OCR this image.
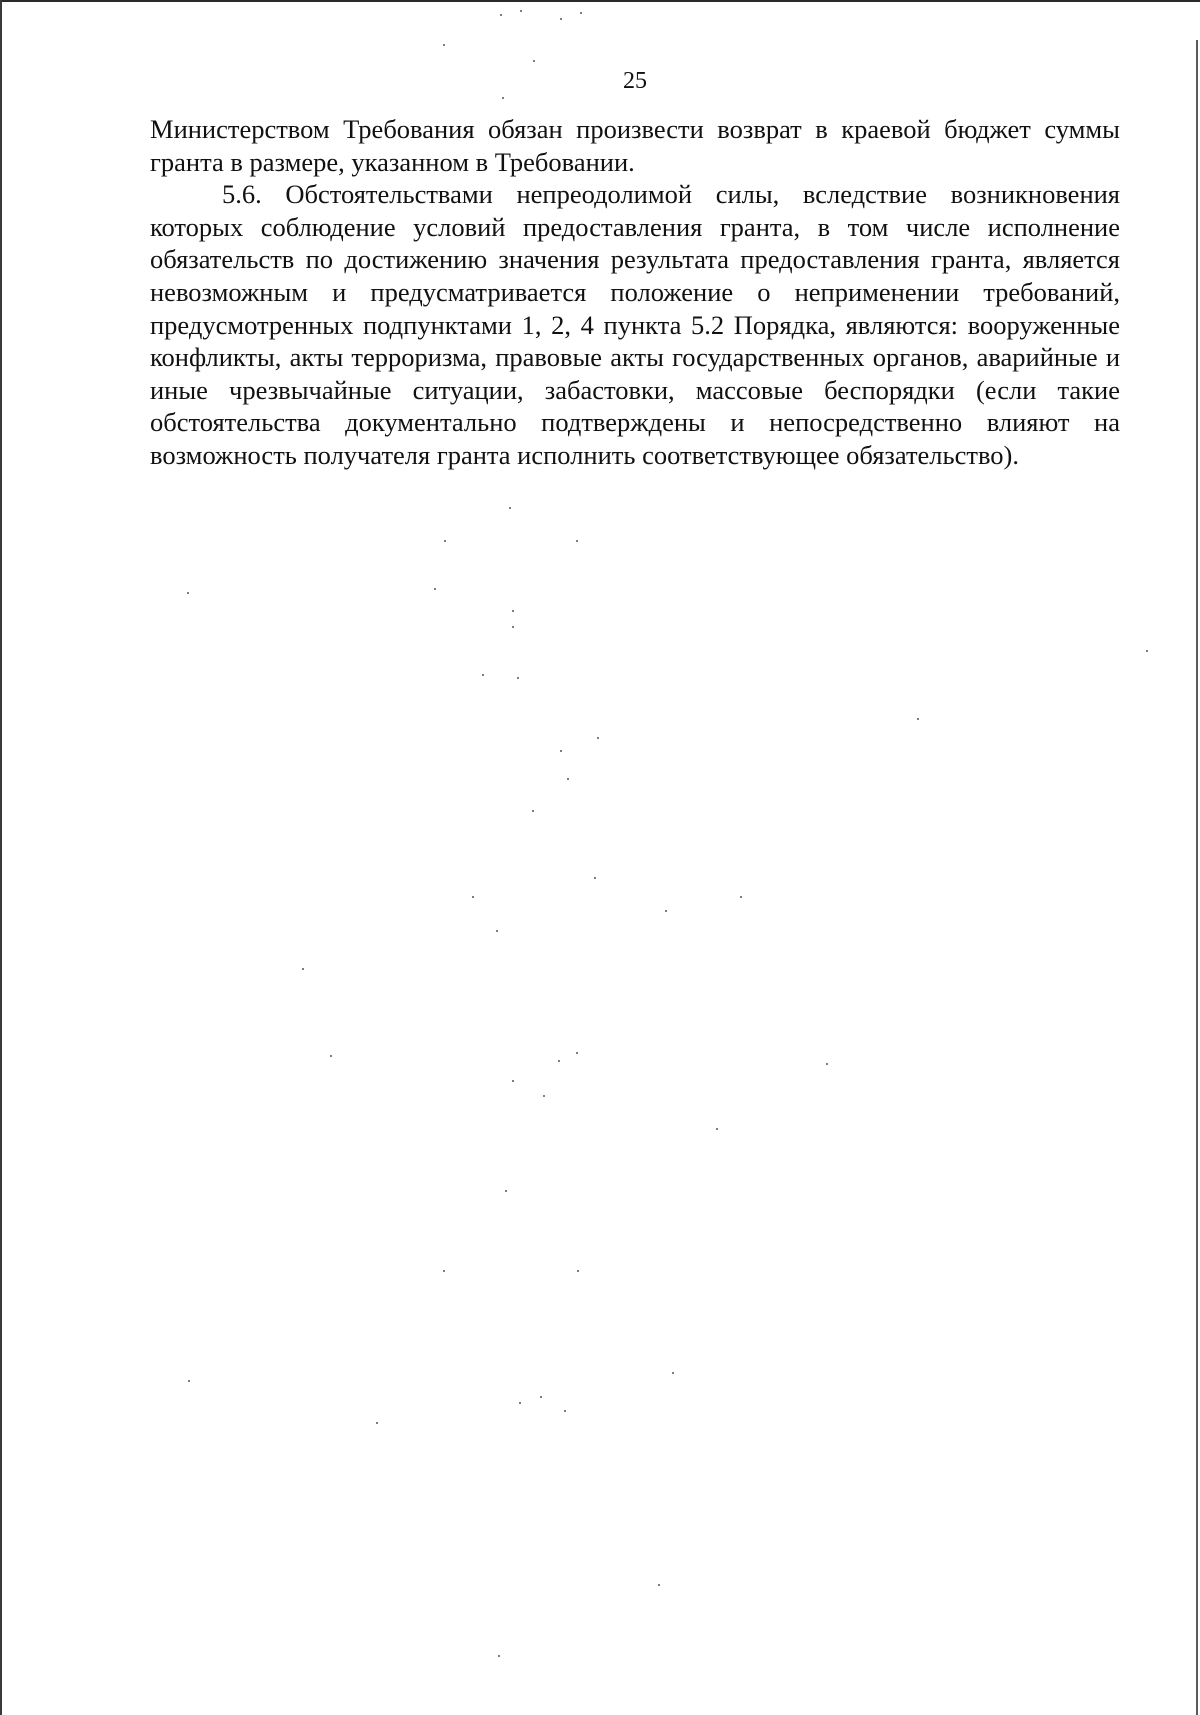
25

Министерством Требования обязан произвести возврат в краевой бюджет суммы гранта в размере, указанном в Требовании.

5.6. Обстоятельствами непреодолимой силы, вследствие возникновения которых соблюдение условий предоставления гранта, в том числе исполнение обязательств по достижению значения результата предоставления гранта, является невозможным и предусматривается положение о неприменении требований, предусмотренных подпунктами 1, 2, 4 пункта 5.2 Порядка, являются: вооруженные конфликты, акты терроризма, правовые акты государственных органов, аварийные и иные чрезвычайные ситуации, забастовки, массовые беспорядки (если такие обстоятельства документально подтверждены и непосредственно влияют на возможность получателя гранта исполнить соответствующее обязательство).
